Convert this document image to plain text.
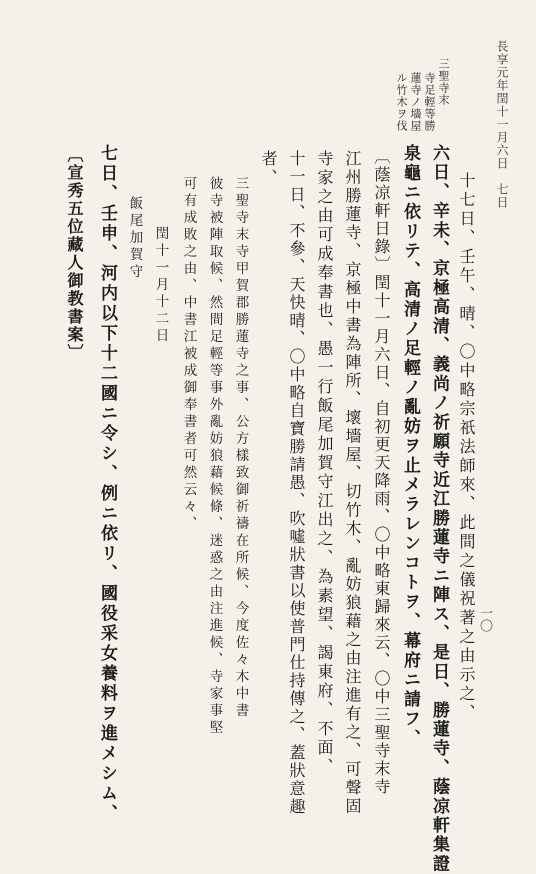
長享元年閏十一月六日　七日
一〇
三聖寺末
寺足輕等勝
蓮寺ノ墻屋
ル竹木ヲ伐
十七日、壬午、晴、〇中略宗祇法師來、此間之儀祝著之由示之、
六日、辛未、京極高清、義尚ノ祈願寺近江勝蓮寺ニ陣ス、是日、勝蓮寺、蔭凉軒集證
泉龜ニ依リテ、高清ノ足輕ノ亂妨ヲ止メラレンコトヲ、幕府ニ請フ、
〔蔭凉軒日錄〕閏十一月六日、自初更天降雨、〇中略東歸來云、〇中三聖寺末寺
江州勝蓮寺、京極中書為陣所、壞墻屋、切竹木、亂妨狼藉之由注進有之、可聲固
寺家之由可成奉書也、愚一行飯尾加賀守江出之、為素望、謁東府、不面、
十一日、不參、天快晴、〇中略自寶勝請愚、吹噓狀書以使普門仕持傳之、蓋狀意趣
者、
三聖寺末寺甲賀郡勝蓮寺之事、公方樣致御祈禱在所候、今度佐々木中書
彼寺被陣取候、然間足輕等事外亂妨狼藉候條、迷惑之由注進候、寺家事堅
可有成敗之由、中書江被成御奉書者可然云々、
閏十一月十二日
飯尾加賀守
七日、壬申、河内以下十二國ニ令シ、例ニ依リ、國役采女養料ヲ進メシム、
〔宣秀五位藏人御教書案〕
